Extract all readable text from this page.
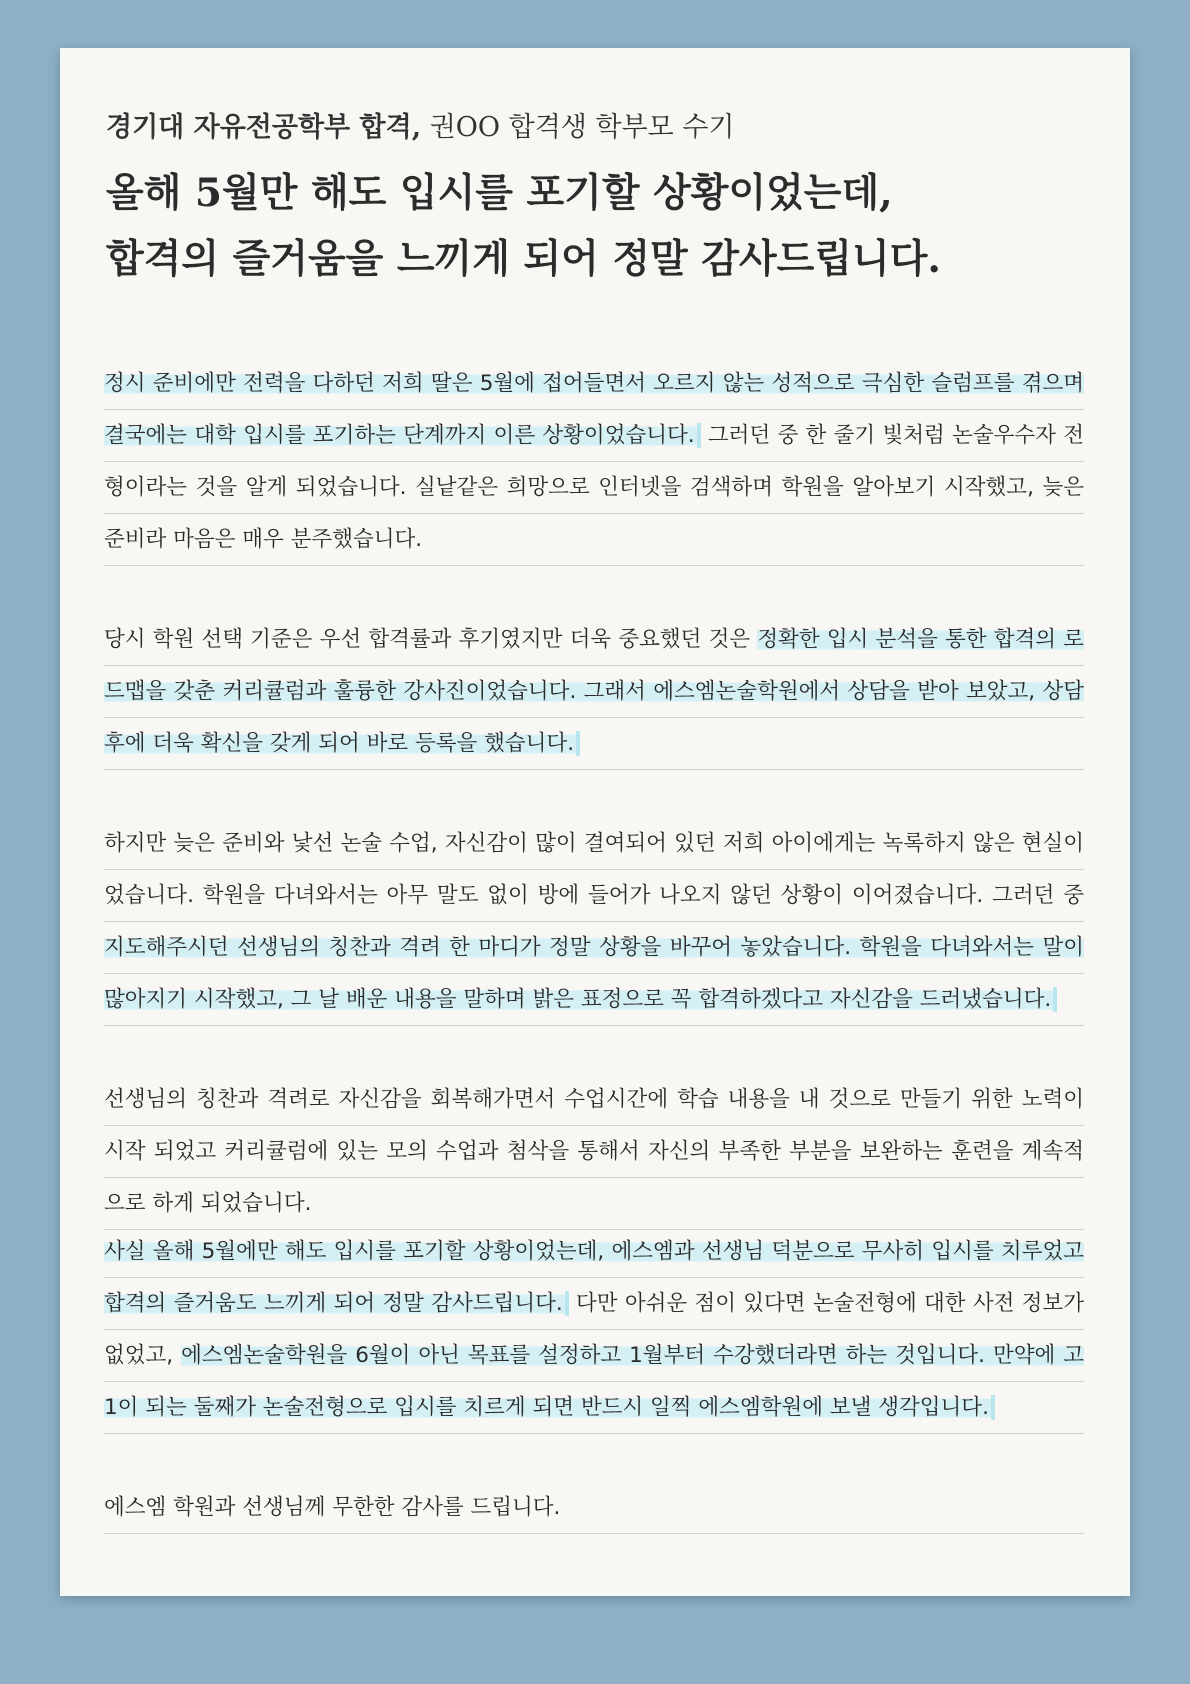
경기대 자유전공학부 합격, 권OO 합격생 학부모 수기
올해 5월만 해도 입시를 포기할 상황이었는데,
합격의 즐거움을 느끼게 되어 정말 감사드립니다.
정시 준비에만 전력을 다하던 저희 딸은 5월에 접어들면서 오르지 않는 성적으로 극심한 슬럼프를 겪으며 결국에는 대학 입시를 포기하는 단계까지 이른 상황이었습니다. 그러던 중 한 줄기 빛처럼 논술우수자 전형이라는 것을 알게 되었습니다. 실낱같은 희망으로 인터넷을 검색하며 학원을 알아보기 시작했고, 늦은 준비라 마음은 매우 분주했습니다.
당시 학원 선택 기준은 우선 합격률과 후기였지만 더욱 중요했던 것은 정확한 입시 분석을 통한 합격의 로드맵을 갖춘 커리큘럼과 훌륭한 강사진이었습니다. 그래서 에스엠논술학원에서 상담을 받아 보았고, 상담 후에 더욱 확신을 갖게 되어 바로 등록을 했습니다.
하지만 늦은 준비와 낯선 논술 수업, 자신감이 많이 결여되어 있던 저희 아이에게는 녹록하지 않은 현실이었습니다. 학원을 다녀와서는 아무 말도 없이 방에 들어가 나오지 않던 상황이 이어졌습니다. 그러던 중 지도해주시던 선생님의 칭찬과 격려 한 마디가 정말 상황을 바꾸어 놓았습니다. 학원을 다녀와서는 말이 많아지기 시작했고, 그 날 배운 내용을 말하며 밝은 표정으로 꼭 합격하겠다고 자신감을 드러냈습니다.
선생님의 칭찬과 격려로 자신감을 회복해가면서 수업시간에 학습 내용을 내 것으로 만들기 위한 노력이 시작 되었고 커리큘럼에 있는 모의 수업과 첨삭을 통해서 자신의 부족한 부분을 보완하는 훈련을 계속적으로 하게 되었습니다.
사실 올해 5월에만 해도 입시를 포기할 상황이었는데, 에스엠과 선생님 덕분으로 무사히 입시를 치루었고 합격의 즐거움도 느끼게 되어 정말 감사드립니다. 다만 아쉬운 점이 있다면 논술전형에 대한 사전 정보가 없었고, 에스엠논술학원을 6월이 아닌 목표를 설정하고 1월부터 수강했더라면 하는 것입니다. 만약에 고1이 되는 둘째가 논술전형으로 입시를 치르게 되면 반드시 일찍 에스엠학원에 보낼 생각입니다.
에스엠 학원과 선생님께 무한한 감사를 드립니다.
